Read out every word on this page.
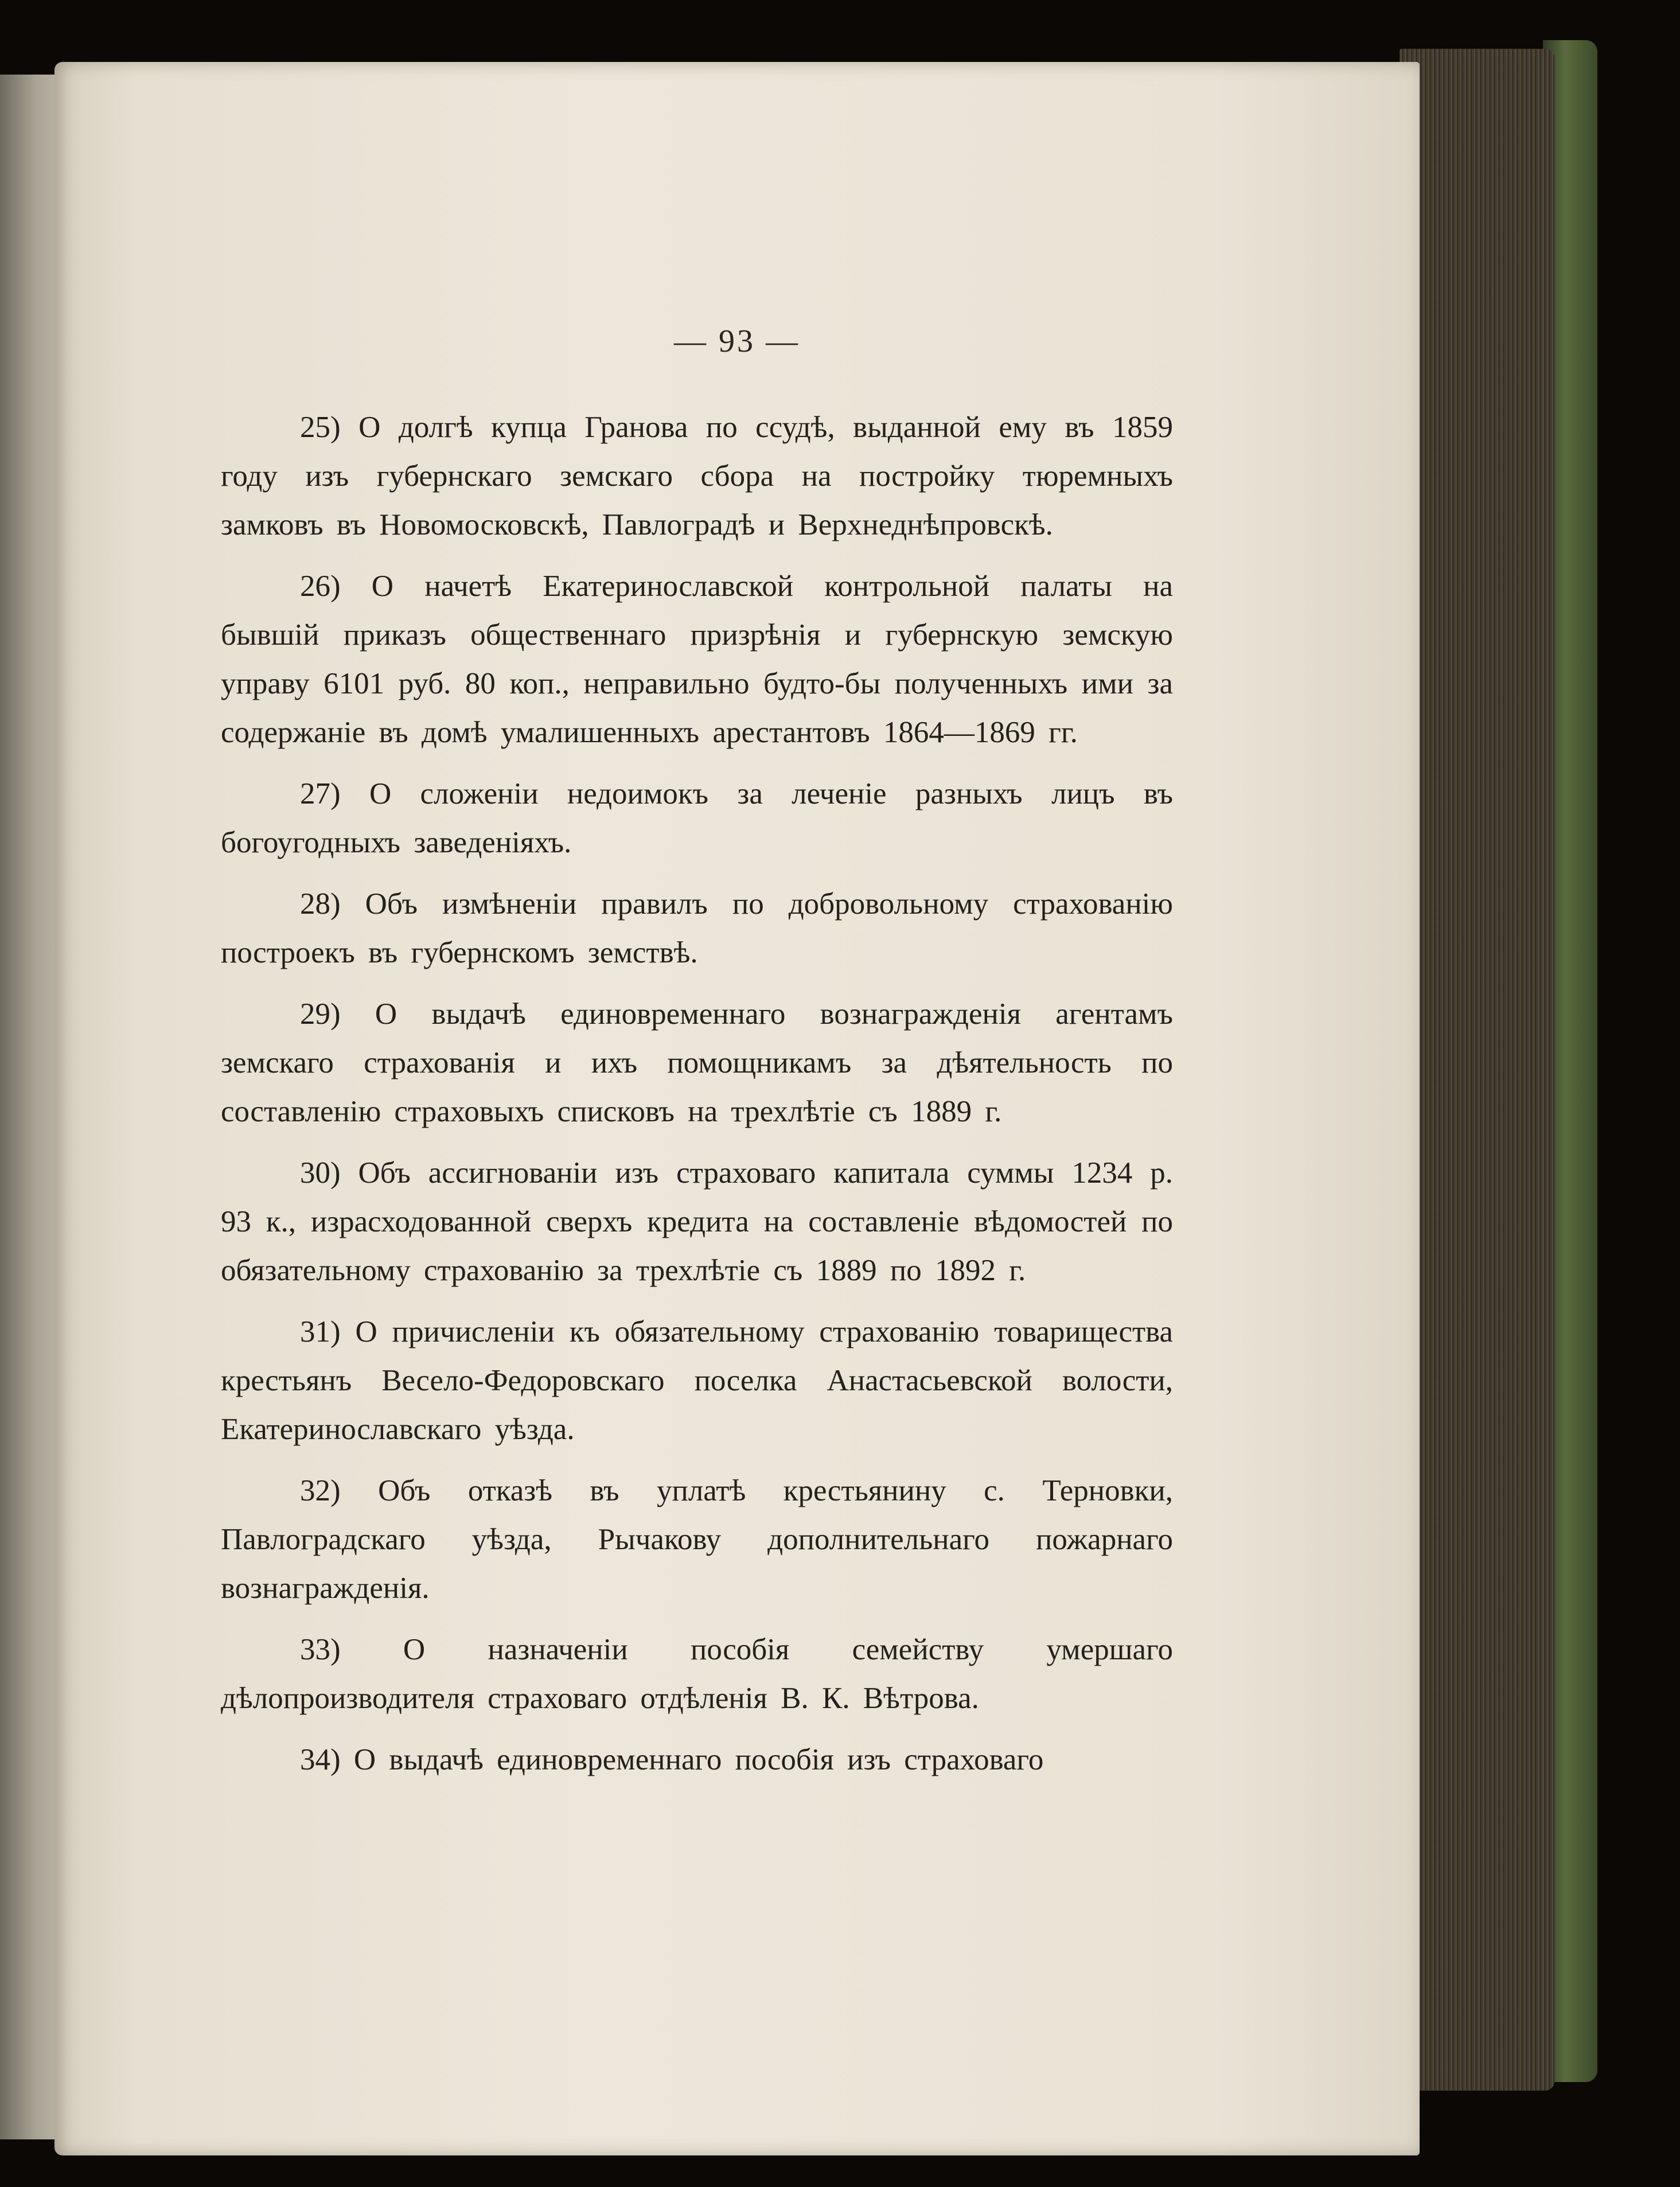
— 93 —

25) О долгѣ купца Гранова по ссудѣ, выданной ему въ 1859 году изъ губернскаго земскаго сбора на постройку тюремныхъ замковъ въ Новомосковскѣ, Павлоградѣ и Верхнеднѣпровскѣ.

26) О начетѣ Екатеринославской контрольной палаты на бывшій приказъ общественнаго призрѣнія и губернскую земскую управу 6101 руб. 80 коп., неправильно будто-бы полученныхъ ими за содержаніе въ домѣ умалишенныхъ арестантовъ 1864—1869 гг.

27) О сложеніи недоимокъ за леченіе разныхъ лицъ въ богоугодныхъ заведеніяхъ.

28) Объ измѣненіи правилъ по добровольному страхованію построекъ въ губернскомъ земствѣ.

29) О выдачѣ единовременнаго вознагражденія агентамъ земскаго страхованія и ихъ помощникамъ за дѣятельность по составленію страховыхъ списковъ на трехлѣтіе съ 1889 г.

30) Объ ассигнованіи изъ страховаго капитала суммы 1234 р. 93 к., израсходованной сверхъ кредита на составленіе вѣдомостей по обязательному страхованію за трехлѣтіе съ 1889 по 1892 г.

31) О причисленіи къ обязательному страхованію товарищества крестьянъ Весело-Федоровскаго поселка Анастасьевской волости, Екатеринославскаго уѣзда.

32) Объ отказѣ въ уплатѣ крестьянину с. Терновки, Павлоградскаго уѣзда, Рычакову дополнительнаго пожарнаго вознагражденія.

33) О назначеніи пособія семейству умершаго дѣлопроизводителя страховаго отдѣленія В. К. Вѣтрова.

34) О выдачѣ единовременнаго пособія изъ страховаго
